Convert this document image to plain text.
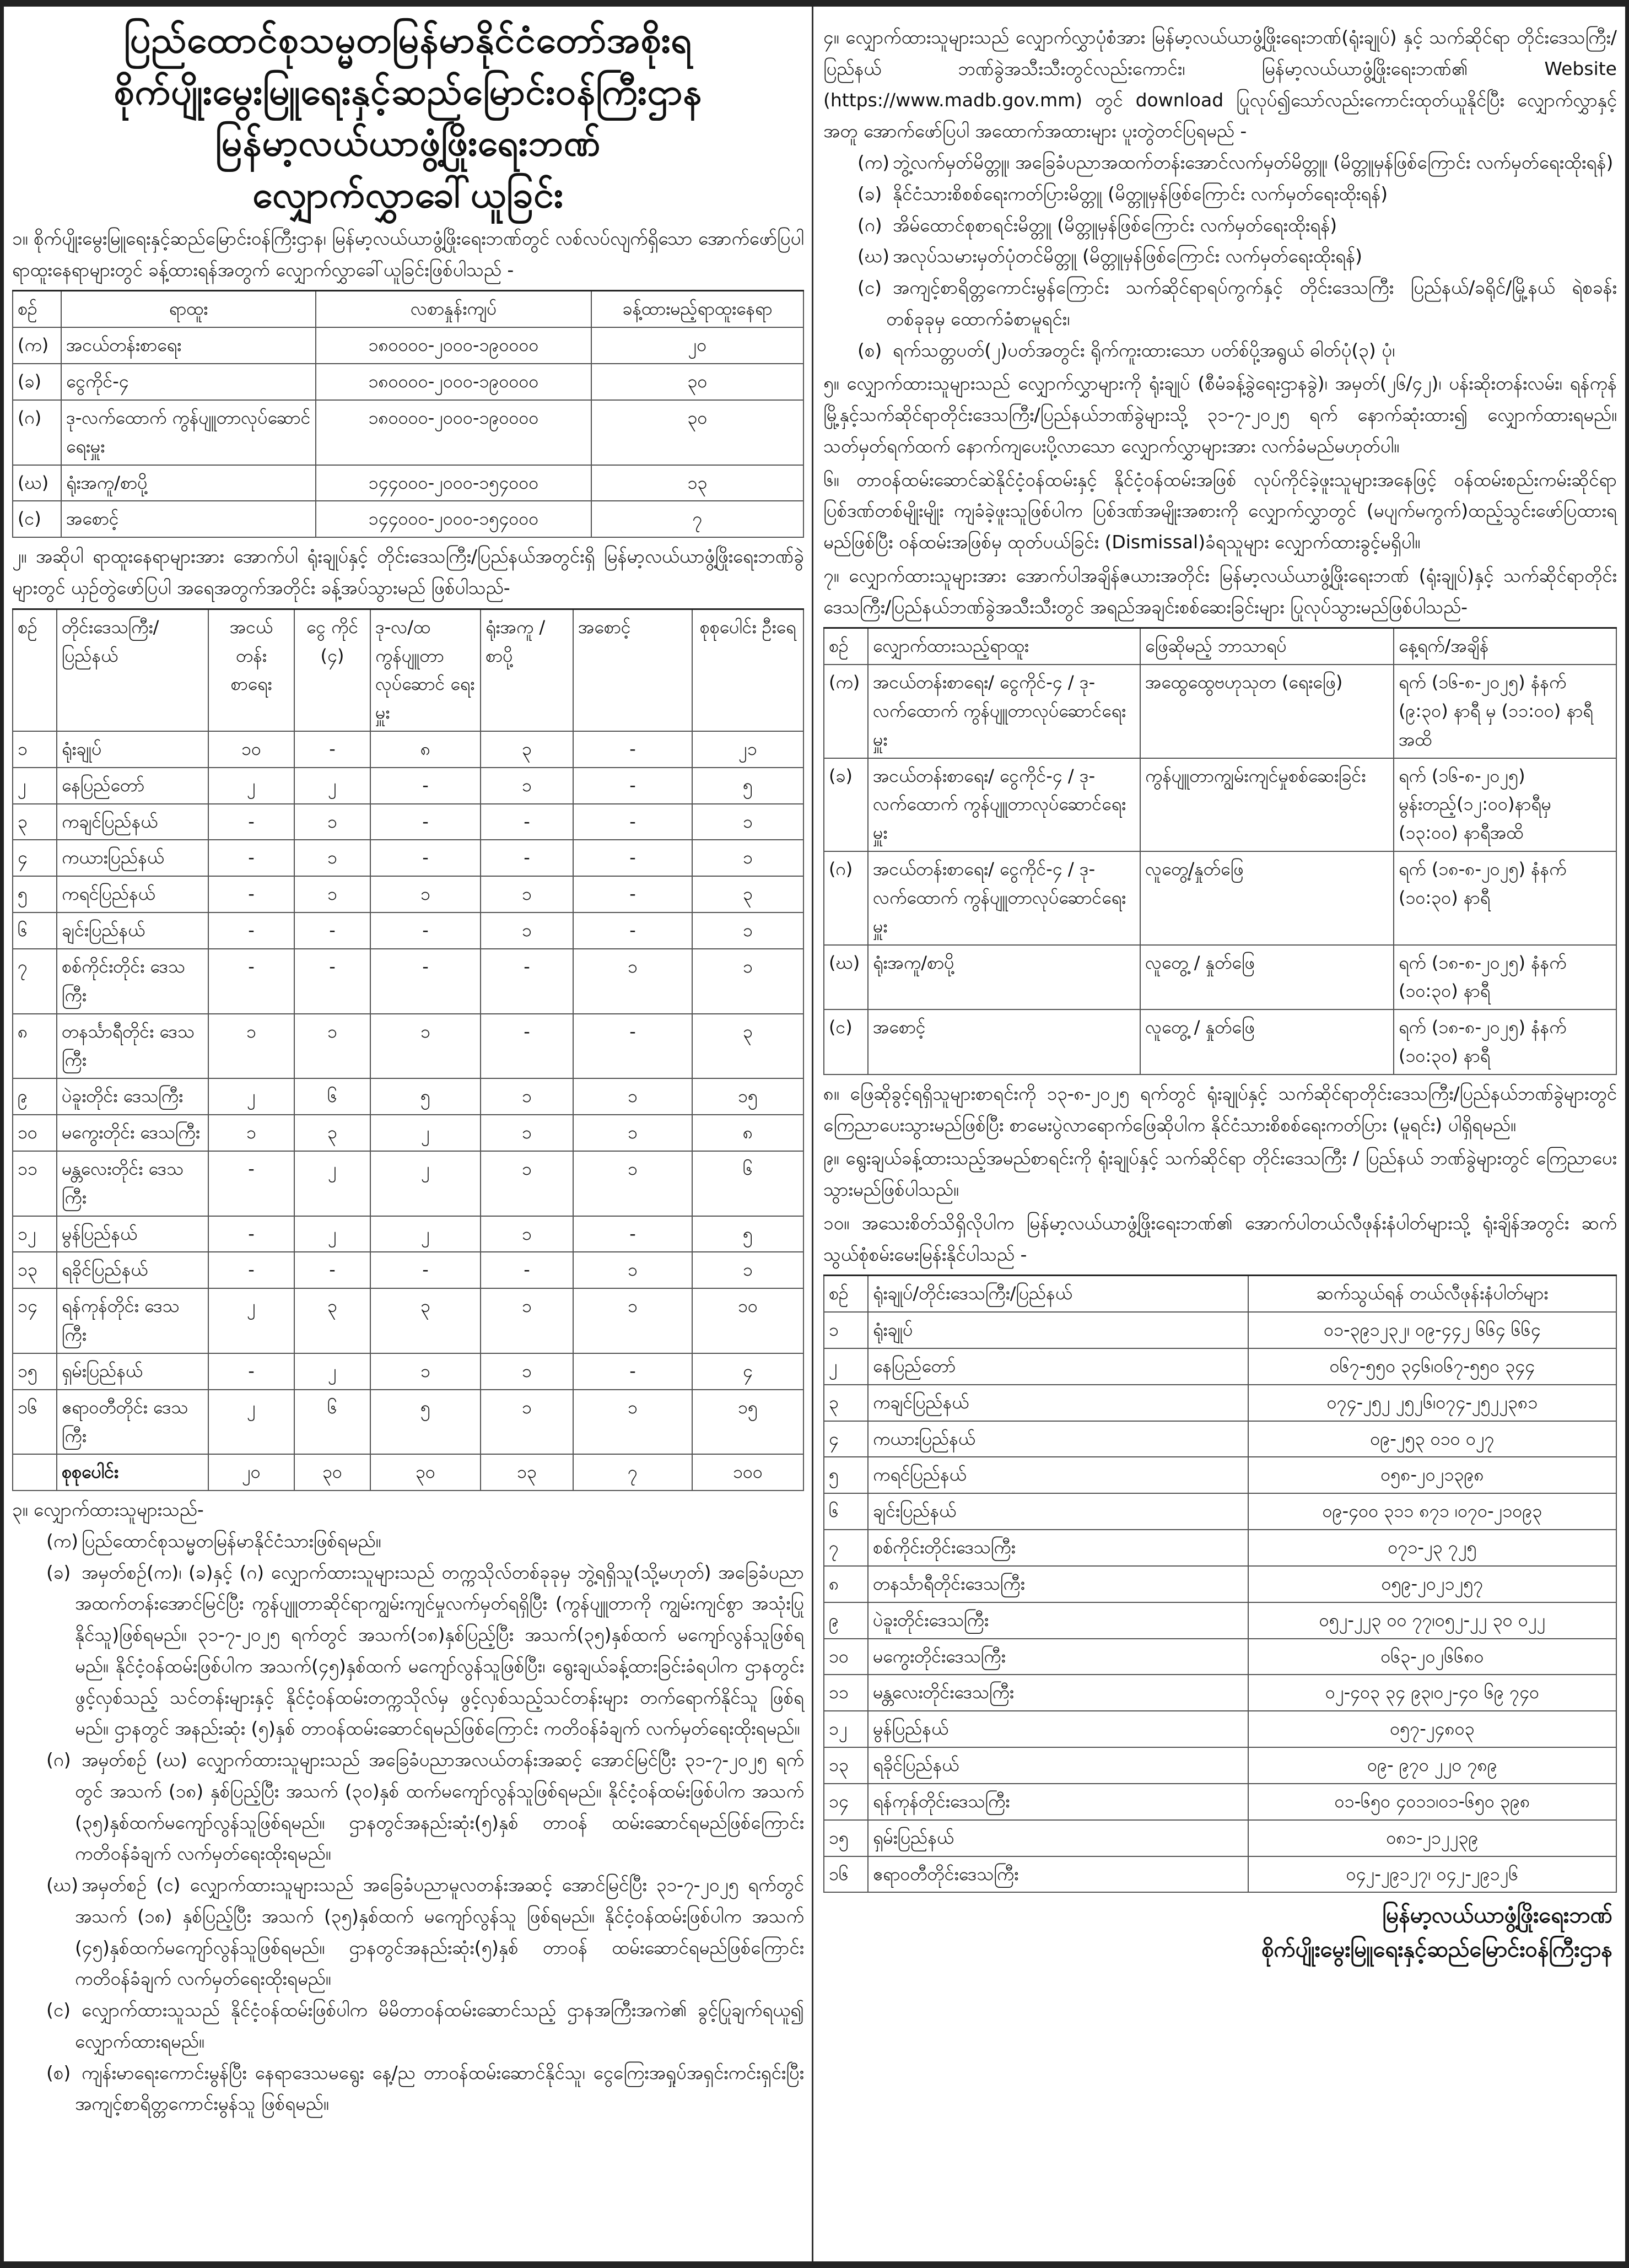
ပြည်ထောင်စုသမ္မတမြန်မာနိုင်ငံတော်အစိုးရ
စိုက်ပျိုးမွေးမြူရေးနှင့်ဆည်မြောင်းဝန်ကြီးဌာန
မြန်မာ့လယ်ယာဖွံ့ဖြိုးရေးဘဏ်
လျှောက်လွှာခေါ်ယူခြင်း

၁။ စိုက်ပျိုးမွေးမြူရေးနှင့်ဆည်မြောင်းဝန်ကြီးဌာန၊ မြန်မာ့လယ်ယာဖွံ့ဖြိုးရေးဘဏ်တွင် လစ်လပ်လျက်ရှိသော အောက်ဖော်ပြပါ ရာထူးနေရာများတွင် ခန့်ထားရန်အတွက် လျှောက်လွှာခေါ်ယူခြင်းဖြစ်ပါသည် -

စဉ်	ရာထူး	လစာနှုန်းကျပ်	ခန့်ထားမည့်ရာထူးနေရာ
(က)	အငယ်တန်းစာရေး	၁၈၀၀၀၀-၂၀၀၀-၁၉၀၀၀၀	၂၀
(ခ)	ငွေကိုင်-၄	၁၈၀၀၀၀-၂၀၀၀-၁၉၀၀၀၀	၃၀
(ဂ)	ဒု-လက်ထောက် ကွန်ပျူတာလုပ်ဆောင်ရေးမှူး	၁၈၀၀၀၀-၂၀၀၀-၁၉၀၀၀၀	၃၀
(ဃ)	ရုံးအကူ/စာပို့	၁၄၄၀၀၀-၂၀၀၀-၁၅၄၀၀၀	၁၃
(င)	အစောင့်	၁၄၄၀၀၀-၂၀၀၀-၁၅၄၀၀၀	၇

၂။ အဆိုပါ ရာထူးနေရာများအား အောက်ပါ ရုံးချုပ်နှင့် တိုင်းဒေသကြီး/ပြည်နယ်အတွင်းရှိ မြန်မာ့လယ်ယာဖွံ့ဖြိုးရေးဘဏ်ခွဲများတွင် ယှဉ်တွဲဖော်ပြပါ အရေအတွက်အတိုင်း ခန့်အပ်သွားမည် ဖြစ်ပါသည်-

စဉ်	တိုင်းဒေသကြီး/ ပြည်နယ်	အငယ် တန်း စာရေး	ငွေ ကိုင် (၄)	ဒု-လ/ထ ကွန်ပျူတာ လုပ်ဆောင် ရေးမှူး	ရုံးအကူ /စာပို့	အစောင့်	စုစုပေါင်း ဦးရေ
၁	ရုံးချုပ်	၁၀	-	၈	၃	-	၂၁
၂	နေပြည်တော်	၂	၂	-	၁	-	၅
၃	ကချင်ပြည်နယ်	-	၁	-	-	-	၁
၄	ကယားပြည်နယ်	-	၁	-	-	-	၁
၅	ကရင်ပြည်နယ်	-	၁	၁	၁	-	၃
၆	ချင်းပြည်နယ်	-	-	-	၁	-	၁
၇	စစ်ကိုင်းတိုင်း ဒေသကြီး	-	-	-	-	၁	၁
၈	တနင်္သာရီတိုင်း ဒေသကြီး	၁	၁	၁	-	-	၃
၉	ပဲခူးတိုင်း ဒေသကြီး	၂	၆	၅	၁	၁	၁၅
၁၀	မကွေးတိုင်း ဒေသကြီး	၁	၃	၂	၁	၁	၈
၁၁	မန္တလေးတိုင်း ဒေသကြီး	-	၂	၂	၁	၁	၆
၁၂	မွန်ပြည်နယ်	-	၂	၂	၁	-	၅
၁၃	ရခိုင်ပြည်နယ်	-	-	-	-	၁	၁
၁၄	ရန်ကုန်တိုင်း ဒေသကြီး	၂	၃	၃	၁	၁	၁၀
၁၅	ရှမ်းပြည်နယ်	-	၂	၁	၁	-	၄
၁၆	ဧရာဝတီတိုင်း ဒေသကြီး	၂	၆	၅	၁	၁	၁၅
	စုစုပေါင်း	၂၀	၃၀	၃၀	၁၃	၇	၁၀၀

၃။ လျှောက်ထားသူများသည်-

(က) ပြည်ထောင်စုသမ္မတမြန်မာနိုင်ငံသားဖြစ်ရမည်။

(ခ) အမှတ်စဉ်(က)၊ (ခ)နှင့် (ဂ) လျှောက်ထားသူများသည် တက္ကသိုလ်တစ်ခုခုမှ ဘွဲ့ရရှိသူ(သို့မဟုတ်) အခြေခံပညာအထက်တန်းအောင်မြင်ပြီး ကွန်ပျူတာဆိုင်ရာကျွမ်းကျင်မှုလက်မှတ်ရရှိပြီး (ကွန်ပျူတာကို ကျွမ်းကျင်စွာ အသုံးပြုနိုင်သူ)ဖြစ်ရမည်။ ၃၁-၇-၂၀၂၅ ရက်တွင် အသက်(၁၈)နှစ်ပြည့်ပြီး အသက်(၃၅)နှစ်ထက် မကျော်လွန်သူဖြစ်ရမည်။ နိုင်ငံ့ဝန်ထမ်းဖြစ်ပါက အသက်(၄၅)နှစ်ထက် မကျော်လွန်သူဖြစ်ပြီး၊ ရွေးချယ်ခန့်ထားခြင်းခံရပါက ဌာနတွင်းဖွင့်လှစ်သည့် သင်တန်းများနှင့် နိုင်ငံ့ဝန်ထမ်းတက္ကသိုလ်မှ ဖွင့်လှစ်သည့်သင်တန်းများ တက်ရောက်နိုင်သူ ဖြစ်ရမည်။ ဌာနတွင် အနည်းဆုံး (၅)နှစ် တာဝန်ထမ်းဆောင်ရမည်ဖြစ်ကြောင်း ကတိဝန်ခံချက် လက်မှတ်ရေးထိုးရမည်။

(ဂ) အမှတ်စဉ် (ဃ) လျှောက်ထားသူများသည် အခြေခံပညာအလယ်တန်းအဆင့် အောင်မြင်ပြီး ၃၁-၇-၂၀၂၅ ရက်တွင် အသက် (၁၈) နှစ်ပြည့်ပြီး အသက် (၃၀)နှစ် ထက်မကျော်လွန်သူဖြစ်ရမည်။ နိုင်ငံ့ဝန်ထမ်းဖြစ်ပါက အသက် (၃၅)နှစ်ထက်မကျော်လွန်သူဖြစ်ရမည်။ ဌာနတွင်အနည်းဆုံး(၅)နှစ် တာဝန် ထမ်းဆောင်ရမည်ဖြစ်ကြောင်း ကတိဝန်ခံချက် လက်မှတ်ရေးထိုးရမည်။

(ဃ) အမှတ်စဉ် (င) လျှောက်ထားသူများသည် အခြေခံပညာမူလတန်းအဆင့် အောင်မြင်ပြီး ၃၁-၇-၂၀၂၅ ရက်တွင် အသက် (၁၈) နှစ်ပြည့်ပြီး အသက် (၃၅)နှစ်ထက် မကျော်လွန်သူ ဖြစ်ရမည်။ နိုင်ငံ့ဝန်ထမ်းဖြစ်ပါက အသက် (၄၅)နှစ်ထက်မကျော်လွန်သူဖြစ်ရမည်။ ဌာနတွင်အနည်းဆုံး(၅)နှစ် တာဝန် ထမ်းဆောင်ရမည်ဖြစ်ကြောင်း ကတိဝန်ခံချက် လက်မှတ်ရေးထိုးရမည်။

(င) လျှောက်ထားသူသည် နိုင်ငံ့ဝန်ထမ်းဖြစ်ပါက မိမိတာဝန်ထမ်းဆောင်သည့် ဌာနအကြီးအကဲ၏ ခွင့်ပြုချက်ရယူ၍ လျှောက်ထားရမည်။

(စ) ကျန်းမာရေးကောင်းမွန်ပြီး နေရာဒေသမရွေး နေ့/ည တာဝန်ထမ်းဆောင်နိုင်သူ၊ ငွေကြေးအရှုပ်အရှင်းကင်းရှင်းပြီး အကျင့်စာရိတ္တကောင်းမွန်သူ ဖြစ်ရမည်။

၄။ လျှောက်ထားသူများသည် လျှောက်လွှာပုံစံအား မြန်မာ့လယ်ယာဖွံ့ဖြိုးရေးဘဏ်(ရုံးချုပ်) နှင့် သက်ဆိုင်ရာ တိုင်းဒေသကြီး/ပြည်နယ် ဘဏ်ခွဲအသီးသီးတွင်လည်းကောင်း၊ မြန်မာ့လယ်ယာဖွံ့ဖြိုးရေးဘဏ်၏ Website (https://www.madb.gov.mm) တွင် download ပြုလုပ်၍သော်လည်းကောင်းထုတ်ယူနိုင်ပြီး လျှောက်လွှာနှင့်အတူ အောက်ဖော်ပြပါ အထောက်အထားများ ပူးတွဲတင်ပြရမည် -

(က) ဘွဲ့လက်မှတ်မိတ္တူ၊ အခြေခံပညာအထက်တန်းအောင်လက်မှတ်မိတ္တူ၊ (မိတ္တူမှန်ဖြစ်ကြောင်း လက်မှတ်ရေးထိုးရန်)

(ခ) နိုင်ငံသားစိစစ်ရေးကတ်ပြားမိတ္တူ (မိတ္တူမှန်ဖြစ်ကြောင်း လက်မှတ်ရေးထိုးရန်)

(ဂ) အိမ်ထောင်စုစာရင်းမိတ္တူ (မိတ္တူမှန်ဖြစ်ကြောင်း လက်မှတ်ရေးထိုးရန်)

(ဃ) အလုပ်သမားမှတ်ပုံတင်မိတ္တူ (မိတ္တူမှန်ဖြစ်ကြောင်း လက်မှတ်ရေးထိုးရန်)

(င) အကျင့်စာရိတ္တကောင်းမွန်ကြောင်း သက်ဆိုင်ရာရပ်ကွက်နှင့် တိုင်းဒေသကြီး ပြည်နယ်/ခရိုင်/မြို့နယ် ရဲစခန်းတစ်ခုခုမှ ထောက်ခံစာမူရင်း၊

(စ) ရက်သတ္တပတ်(၂)ပတ်အတွင်း ရိုက်ကူးထားသော ပတ်စ်ပို့အရွယ် ဓါတ်ပုံ(၃) ပုံ၊

၅။ လျှောက်ထားသူများသည် လျှောက်လွှာများကို ရုံးချုပ် (စီမံခန့်ခွဲရေးဌာနခွဲ)၊ အမှတ်(၂၆/၄၂)၊ ပန်းဆိုးတန်းလမ်း၊ ရန်ကုန်မြို့နှင့်သက်ဆိုင်ရာတိုင်းဒေသကြီး/ပြည်နယ်ဘဏ်ခွဲများသို့ ၃၁-၇-၂၀၂၅ ရက် နောက်ဆုံးထား၍ လျှောက်ထားရမည်။ သတ်မှတ်ရက်ထက် နောက်ကျပေးပို့လာသော လျှောက်လွှာများအား လက်ခံမည်မဟုတ်ပါ။

၆။ တာဝန်ထမ်းဆောင်ဆဲနိုင်ငံ့ဝန်ထမ်းနှင့် နိုင်ငံ့ဝန်ထမ်းအဖြစ် လုပ်ကိုင်ခဲ့ဖူးသူများအနေဖြင့် ဝန်ထမ်းစည်းကမ်းဆိုင်ရာ ပြစ်ဒဏ်တစ်မျိုးမျိုး ကျခံခဲ့ဖူးသူဖြစ်ပါက ပြစ်ဒဏ်အမျိုးအစားကို လျှောက်လွှာတွင် (မပျက်မကွက်)ထည့်သွင်းဖော်ပြထားရမည်ဖြစ်ပြီး ဝန်ထမ်းအဖြစ်မှ ထုတ်ပယ်ခြင်း (Dismissal)ခံရသူများ လျှောက်ထားခွင့်မရှိပါ။

၇။ လျှောက်ထားသူများအား အောက်ပါအချိန်ဇယားအတိုင်း မြန်မာ့လယ်ယာဖွံ့ဖြိုးရေးဘဏ် (ရုံးချုပ်)နှင့် သက်ဆိုင်ရာတိုင်းဒေသကြီး/ပြည်နယ်ဘဏ်ခွဲအသီးသီးတွင် အရည်အချင်းစစ်ဆေးခြင်းများ ပြုလုပ်သွားမည်ဖြစ်ပါသည်-

စဉ်	လျှောက်ထားသည့်ရာထူး	ဖြေဆိုမည့် ဘာသာရပ်	နေ့ရက်/အချိန်
(က)	အငယ်တန်းစာရေး/ ငွေကိုင်-၄ / ဒု-လက်ထောက် ကွန်ပျူတာလုပ်ဆောင်ရေးမှူး	အထွေထွေဗဟုသုတ (ရေးဖြေ)	ရက် (၁၆-၈-၂၀၂၅) နံနက် (၉:၃၀) နာရီ မှ (၁၁:၀၀) နာရီအထိ
(ခ)	အငယ်တန်းစာရေး/ ငွေကိုင်-၄ / ဒု-လက်ထောက် ကွန်ပျူတာလုပ်ဆောင်ရေးမှူး	ကွန်ပျူတာကျွမ်းကျင်မှုစစ်ဆေးခြင်း	ရက် (၁၆-၈-၂၀၂၅) မွန်းတည့်(၁၂:၀၀)နာရီမှ (၁၃:၀၀) နာရီအထိ
(ဂ)	အငယ်တန်းစာရေး/ ငွေကိုင်-၄ / ဒု-လက်ထောက် ကွန်ပျူတာလုပ်ဆောင်ရေးမှူး	လူတွေ့/နှုတ်ဖြေ	ရက် (၁၈-၈-၂၀၂၅) နံနက် (၁၀:၃၀) နာရီ
(ဃ)	ရုံးအကူ/စာပို့	လူတွေ့ / နှုတ်ဖြေ	ရက် (၁၈-၈-၂၀၂၅) နံနက် (၁၀:၃၀) နာရီ
(င)	အစောင့်	လူတွေ့ / နှုတ်ဖြေ	ရက် (၁၈-၈-၂၀၂၅) နံနက် (၁၀:၃၀) နာရီ

၈။ ဖြေဆိုခွင့်ရရှိသူများစာရင်းကို ၁၃-၈-၂၀၂၅ ရက်တွင် ရုံးချုပ်နှင့် သက်ဆိုင်ရာတိုင်းဒေသကြီး/ပြည်နယ်ဘဏ်ခွဲများတွင် ကြေညာပေးသွားမည်ဖြစ်ပြီး စာမေးပွဲလာရောက်ဖြေဆိုပါက နိုင်ငံသားစိစစ်ရေးကတ်ပြား (မူရင်း) ပါရှိရမည်။

၉။ ရွေးချယ်ခန့်ထားသည့်အမည်စာရင်းကို ရုံးချုပ်နှင့် သက်ဆိုင်ရာ တိုင်းဒေသကြီး / ပြည်နယ် ဘဏ်ခွဲများတွင် ကြေညာပေးသွားမည်ဖြစ်ပါသည်။

၁၀။ အသေးစိတ်သိရှိလိုပါက မြန်မာ့လယ်ယာဖွံ့ဖြိုးရေးဘဏ်၏ အောက်ပါတယ်လီဖုန်းနံပါတ်များသို့ ရုံးချိန်အတွင်း ဆက်သွယ်စုံစမ်းမေးမြန်းနိုင်ပါသည် -

စဉ်	ရုံးချုပ်/တိုင်းဒေသကြီး/ပြည်နယ်	ဆက်သွယ်ရန် တယ်လီဖုန်းနံပါတ်များ
၁	ရုံးချုပ်	၀၁-၃၉၁၂၃၂၊ ၀၉-၄၄၂ ၆၆၄ ၆၆၄
၂	နေပြည်တော်	၀၆၇-၅၅၀ ၃၄၆၊၀၆၇-၅၅၀ ၃၄၄
၃	ကချင်ပြည်နယ်	၀၇၄-၂၅၂ ၂၅၂၆၊၀၇၄-၂၅၂၂၃၈၁
၄	ကယားပြည်နယ်	၀၉-၂၅၃ ၀၁၀ ၀၂၇
၅	ကရင်ပြည်နယ်	၀၅၈-၂၀၂၁၃၉၈
၆	ချင်းပြည်နယ်	၀၉-၄၀၀ ၃၁၁ ၈၇၁ ၊၀၇၀-၂၁၀၉၃
၇	စစ်ကိုင်းတိုင်းဒေသကြီး	၀၇၁-၂၃ ၇၂၅
၈	တနင်္သာရီတိုင်းဒေသကြီး	၀၅၉-၂၀၂၁၂၅၇
၉	ပဲခူးတိုင်းဒေသကြီး	၀၅၂-၂၂၃ ၀၀ ၇၇၊၀၅၂-၂၂ ၃၀ ၀၂၂
၁၀	မကွေးတိုင်းဒေသကြီး	၀၆၃-၂၀၂၆၆၈၀
၁၁	မန္တလေးတိုင်းဒေသကြီး	၀၂-၄၀၃ ၃၄ ၉၃၊၀၂-၄၀ ၆၉ ၇၄၀
၁၂	မွန်ပြည်နယ်	၀၅၇-၂၄၈၀၃
၁၃	ရခိုင်ပြည်နယ်	၀၉- ၉၇၀ ၂၂၀ ၇၈၉
၁၄	ရန်ကုန်တိုင်းဒေသကြီး	၀၁-၆၅၀ ၄၀၁၁၊၀၁-၆၅၀ ၃၉၈
၁၅	ရှမ်းပြည်နယ်	၀၈၁-၂၁၂၂၃၉
၁၆	ဧရာဝတီတိုင်းဒေသကြီး	၀၄၂-၂၉၁၂၇၊ ၀၄၂-၂၉၁၂၆
မြန်မာ့လယ်ယာဖွံ့ဖြိုးရေးဘဏ်
စိုက်ပျိုးမွေးမြူရေးနှင့်ဆည်မြောင်းဝန်ကြီးဌာန
